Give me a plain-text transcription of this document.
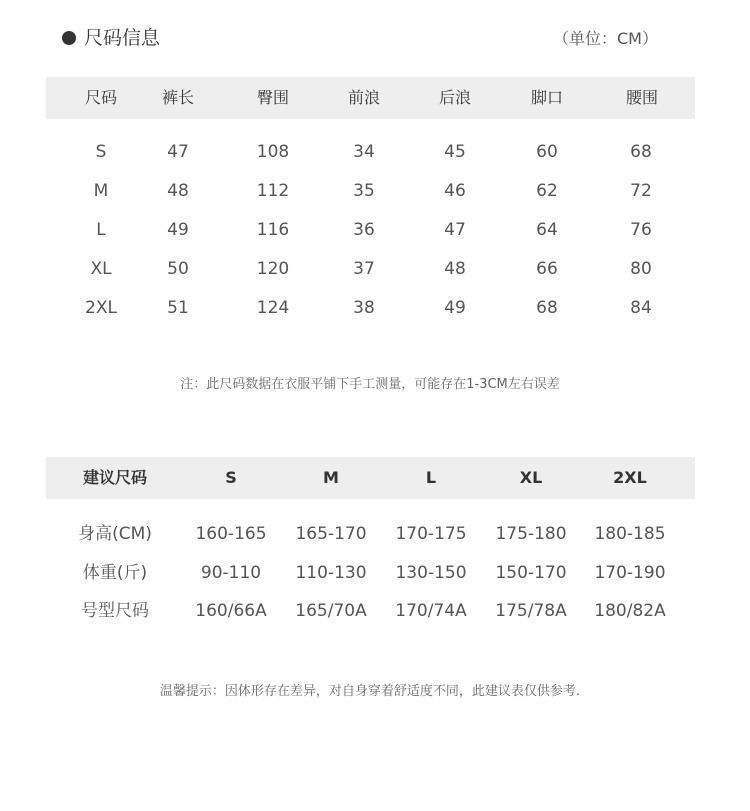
尺码信息	（单位：CM）
尺码	裤长	臀围	前浪	后浪	脚口	腰围
S	47	108	34	45	60	68
M	48	112	35	46	62	72
L	49	116	36	47	64	76
XL	50	120	37	48	66	80
2XL	51	124	38	49	68	84
注：此尺码数据在衣服平铺下手工测量，可能存在1-3CM左右误差
建议尺码	S	M	L	XL	2XL
身高(CM)	160-165 165-170 170-175 175-180 180-185
体重(斤)	90-110 110-130 130-150 150-170 170-190
号型尺码	160/66A 165/70A 170/74A 175/78A 180/82A
温馨提示：因体形存在差异，对自身穿着舒适度不同，此建议表仅供参考.
